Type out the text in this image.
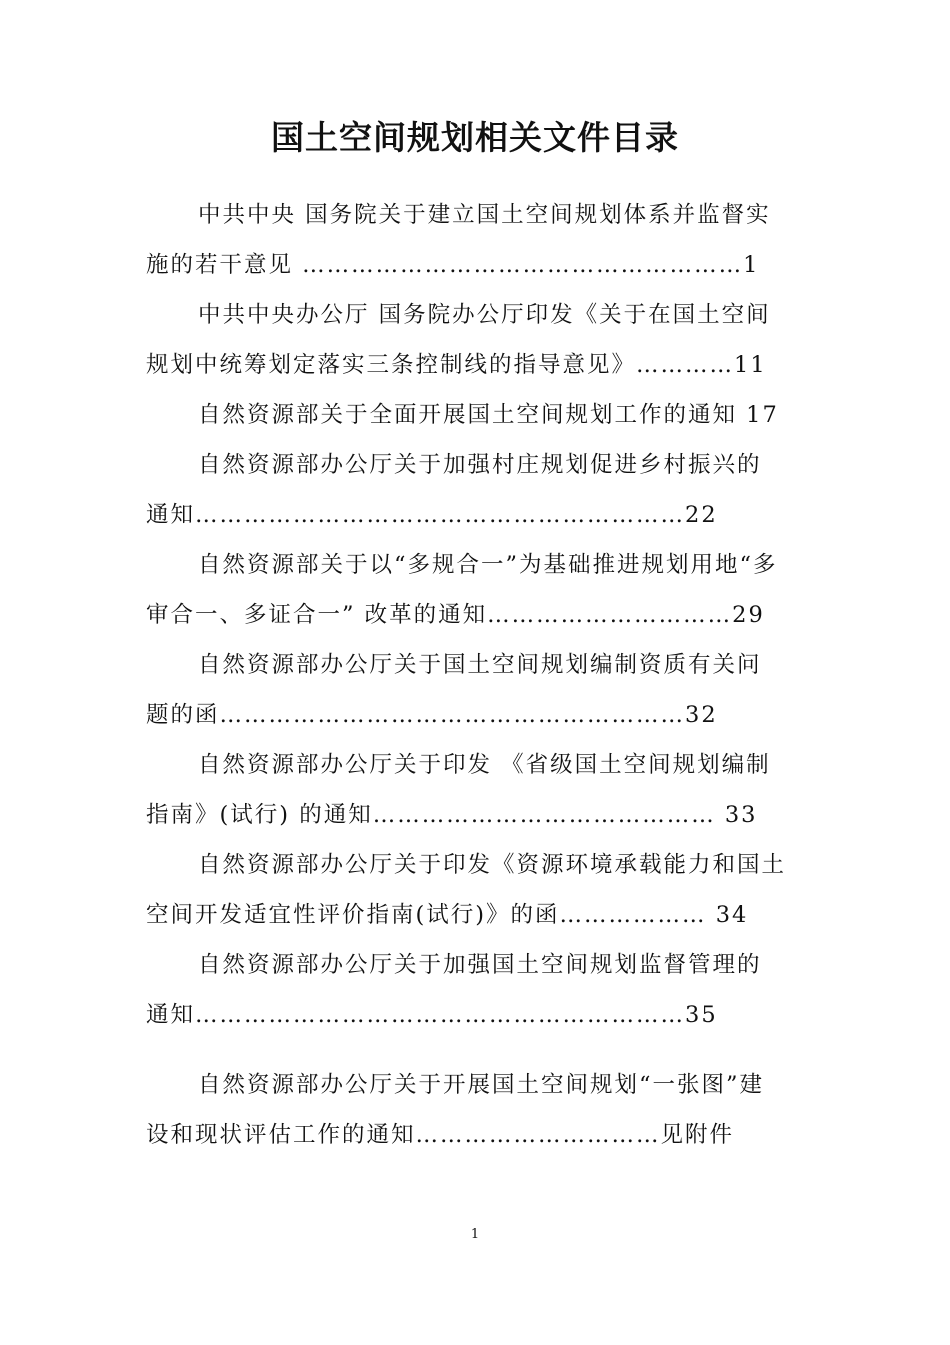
国土空间规划相关文件目录
中共中央 国务院关于建立国土空间规划体系并监督实
施的若干意见 ………………………………………………1
中共中央办公厅 国务院办公厅印发《关于在国土空间
规划中统筹划定落实三条控制线的指导意见》…………11
自然资源部关于全面开展国土空间规划工作的通知 17
自然资源部办公厅关于加强村庄规划促进乡村振兴的
通知……………………………………………………22
自然资源部关于以“多规合一”为基础推进规划用地“多
审合一、多证合一” 改革的通知…………………………29
自然资源部办公厅关于国土空间规划编制资质有关问
题的函…………………………………………………32
自然资源部办公厅关于印发 《省级国土空间规划编制
指南》(试行) 的通知…………………………………… 33
自然资源部办公厅关于印发《资源环境承载能力和国土
空间开发适宜性评价指南(试行)》的函……………… 34
自然资源部办公厅关于加强国土空间规划监督管理的
通知……………………………………………………35
自然资源部办公厅关于开展国土空间规划“一张图”建
设和现状评估工作的通知…………………………见附件
1
